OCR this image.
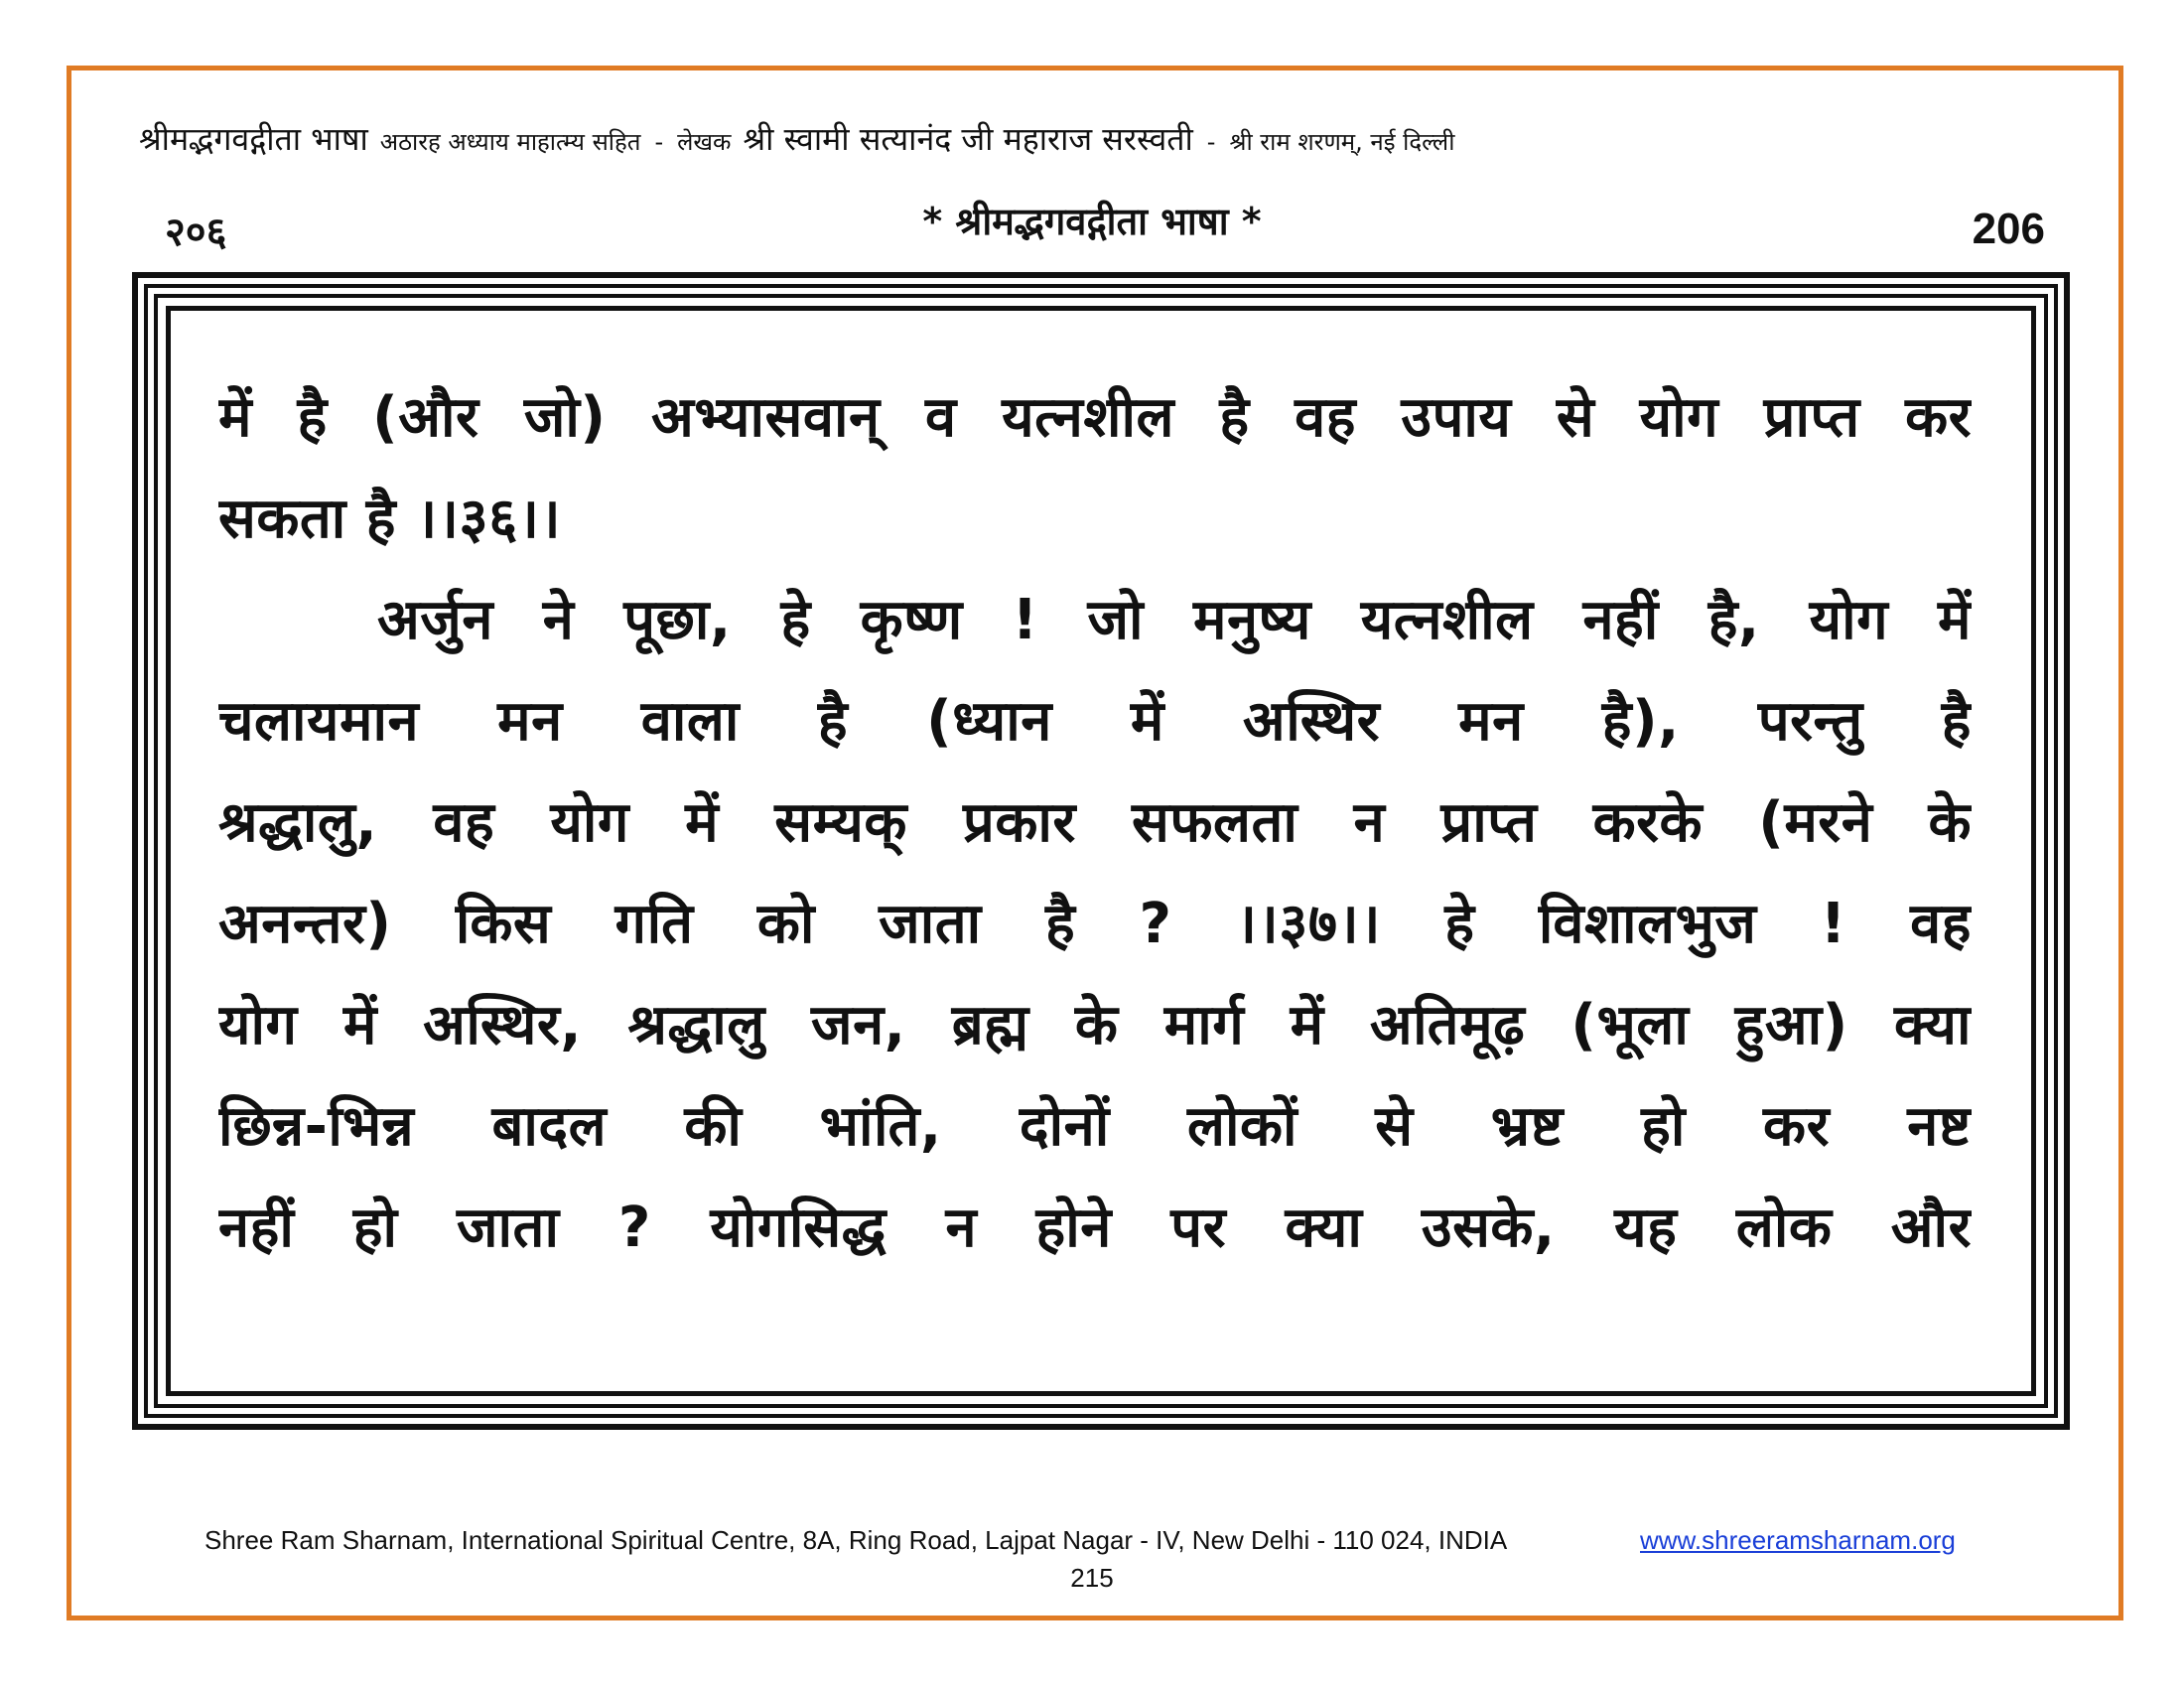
श्रीमद्भगवद्गीता भाषा अठारह अध्याय माहात्म्य सहित - लेखक श्री स्वामी सत्यानंद जी महाराज सरस्वती - श्री राम शरणम्, नई दिल्ली
२०६	* श्रीमद्भगवद्गीता भाषा *	206
में है (और जो) अभ्यासवान् व यत्नशील है वह उपाय से योग प्राप्त कर
सकता है ।।३६।।
अर्जुन ने पूछा, हे कृष्ण ! जो मनुष्य यत्नशील नहीं है, योग में
चलायमान मन वाला है (ध्यान में अस्थिर मन है), परन्तु है
श्रद्धालु, वह योग में सम्यक् प्रकार सफलता न प्राप्त करके (मरने के
अनन्तर) किस गति को जाता है ? ।।३७।। हे विशालभुज ! वह
योग में अस्थिर, श्रद्धालु जन, ब्रह्म के मार्ग में अतिमूढ़ (भूला हुआ) क्या
छिन्न-भिन्न बादल की भांति, दोनों लोकों से भ्रष्ट हो कर नष्ट
नहीं हो जाता ? योगसिद्ध न होने पर क्या उसके, यह लोक और
Shree Ram Sharnam, International Spiritual Centre, 8A, Ring Road, Lajpat Nagar - IV, New Delhi - 110 024, INDIA	www.shreeramsharnam.org
215
